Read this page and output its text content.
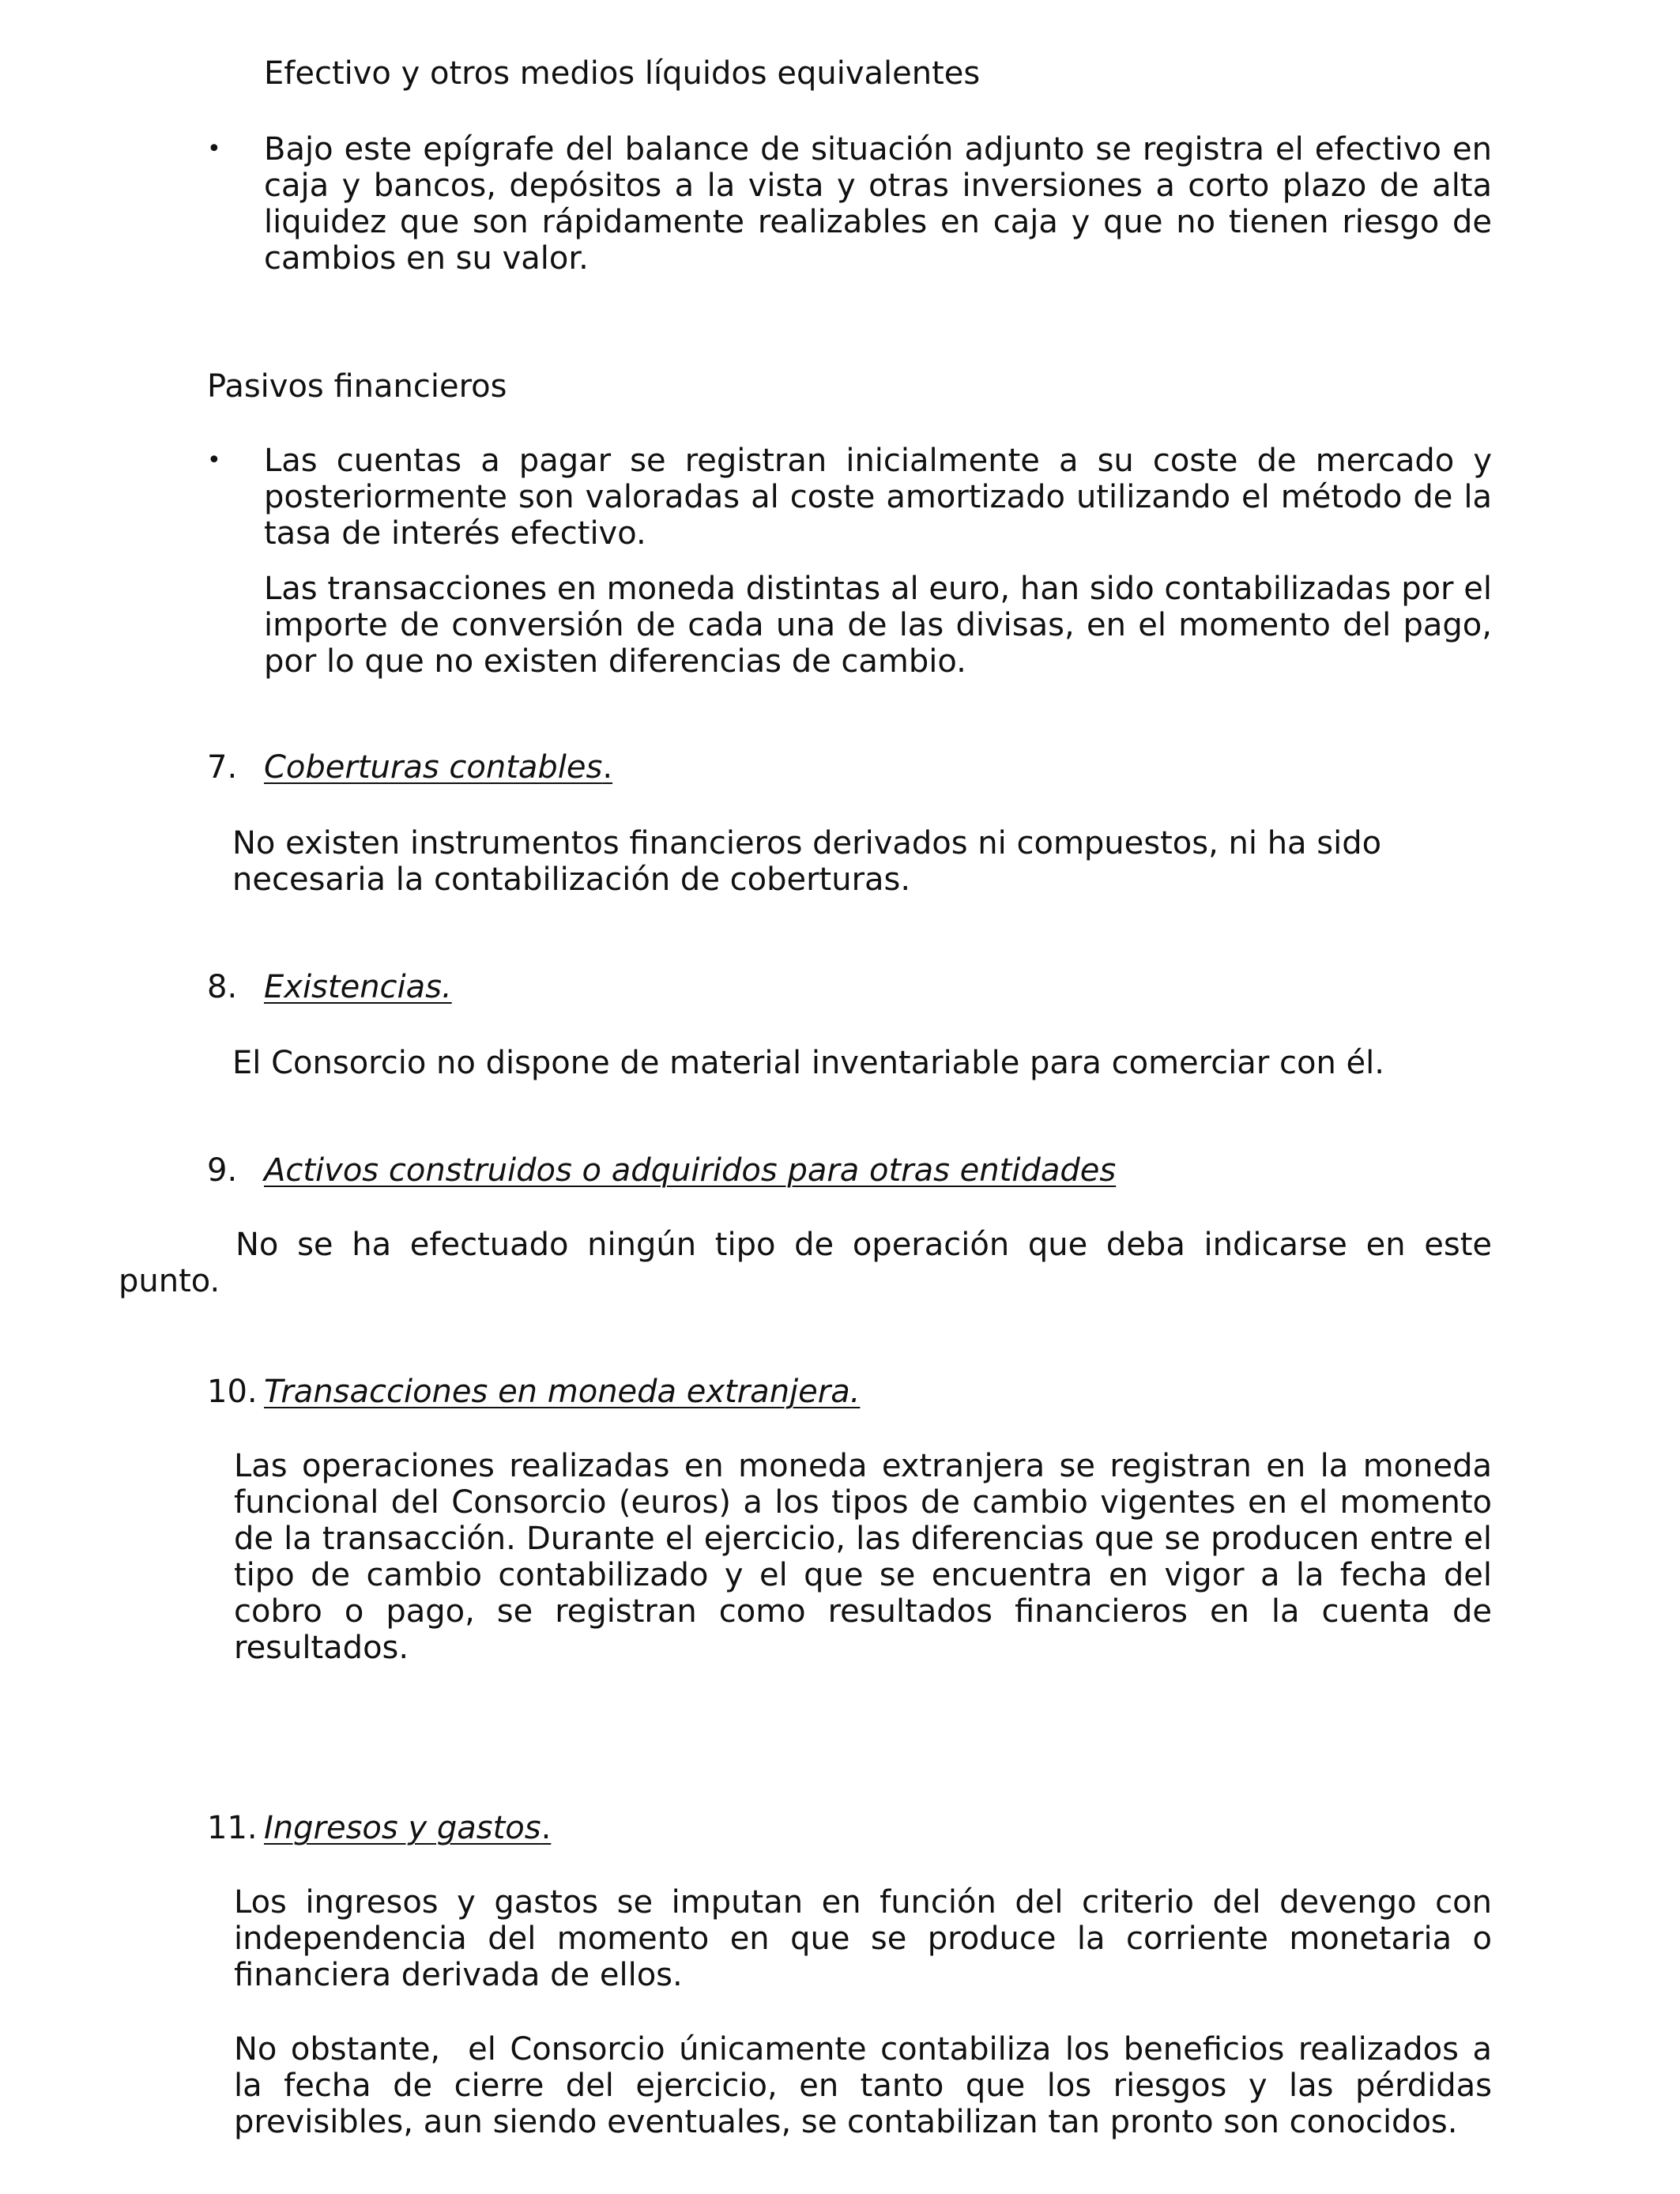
Efectivo y otros medios líquidos equivalentes

• Bajo este epígrafe del balance de situación adjunto se registra el efectivo en caja y bancos, depósitos a la vista y otras inversiones a corto plazo de alta liquidez que son rápidamente realizables en caja y que no tienen riesgo de cambios en su valor.

Pasivos financieros

• Las cuentas a pagar se registran inicialmente a su coste de mercado y posteriormente son valoradas al coste amortizado utilizando el método de la tasa de interés efectivo.

Las transacciones en moneda distintas al euro, han sido contabilizadas por el importe de conversión de cada una de las divisas, en el momento del pago, por lo que no existen diferencias de cambio.

7. Coberturas contables.

No existen instrumentos financieros derivados ni compuestos, ni ha sido necesaria la contabilización de coberturas.

8. Existencias.

El Consorcio no dispone de material inventariable para comerciar con él.

9. Activos construidos o adquiridos para otras entidades

No se ha efectuado ningún tipo de operación que deba indicarse en este punto.

10. Transacciones en moneda extranjera.

Las operaciones realizadas en moneda extranjera se registran en la moneda funcional del Consorcio (euros) a los tipos de cambio vigentes en el momento de la transacción. Durante el ejercicio, las diferencias que se producen entre el tipo de cambio contabilizado y el que se encuentra en vigor a la fecha del cobro o pago, se registran como resultados financieros en la cuenta de resultados.

11. Ingresos y gastos.

Los ingresos y gastos se imputan en función del criterio del devengo con independencia del momento en que se produce la corriente monetaria o financiera derivada de ellos.

No obstante,  el Consorcio únicamente contabiliza los beneficios realizados a la fecha de cierre del ejercicio, en tanto que los riesgos y las pérdidas previsibles, aun siendo eventuales, se contabilizan tan pronto son conocidos.
